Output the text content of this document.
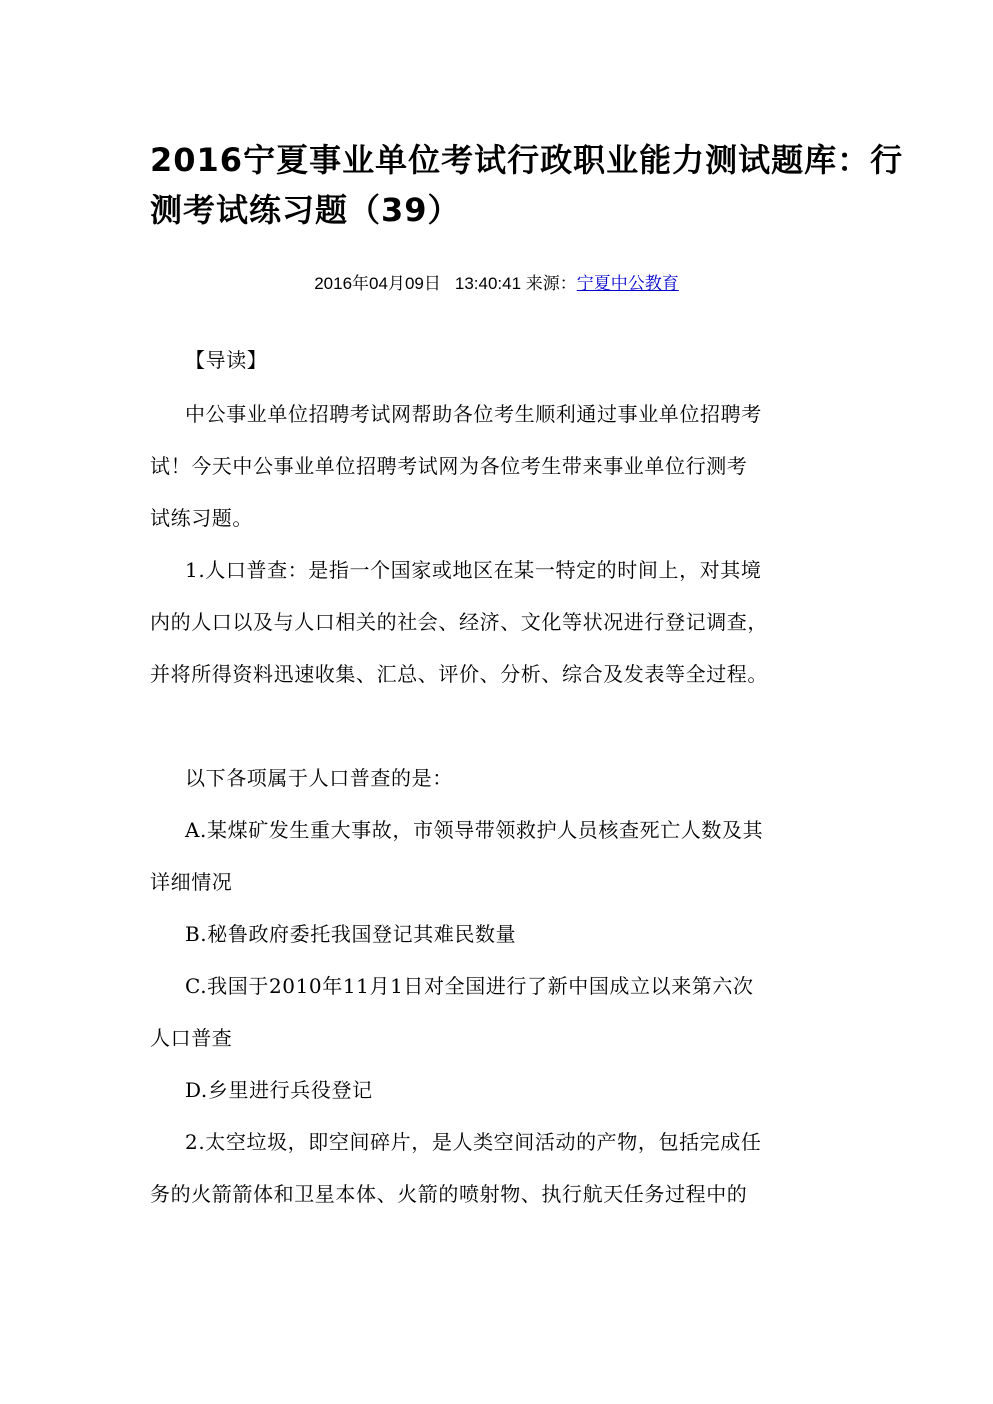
2016宁夏事业单位考试行政职业能力测试题库：行
测考试练习题（39）
2016年04月09日 13:40:41 来源：宁夏中公教育
【导读】
中公事业单位招聘考试网帮助各位考生顺利通过事业单位招聘考
试！今天中公事业单位招聘考试网为各位考生带来事业单位行测考
试练习题。
1.人口普查：是指一个国家或地区在某一特定的时间上，对其境
内的人口以及与人口相关的社会、经济、文化等状况进行登记调查，
并将所得资料迅速收集、汇总、评价、分析、综合及发表等全过程。
以下各项属于人口普查的是：
A.某煤矿发生重大事故，市领导带领救护人员核查死亡人数及其
详细情况
B.秘鲁政府委托我国登记其难民数量
C.我国于2010年11月1日对全国进行了新中国成立以来第六次
人口普查
D.乡里进行兵役登记
2.太空垃圾，即空间碎片，是人类空间活动的产物，包括完成任
务的火箭箭体和卫星本体、火箭的喷射物、执行航天任务过程中的
